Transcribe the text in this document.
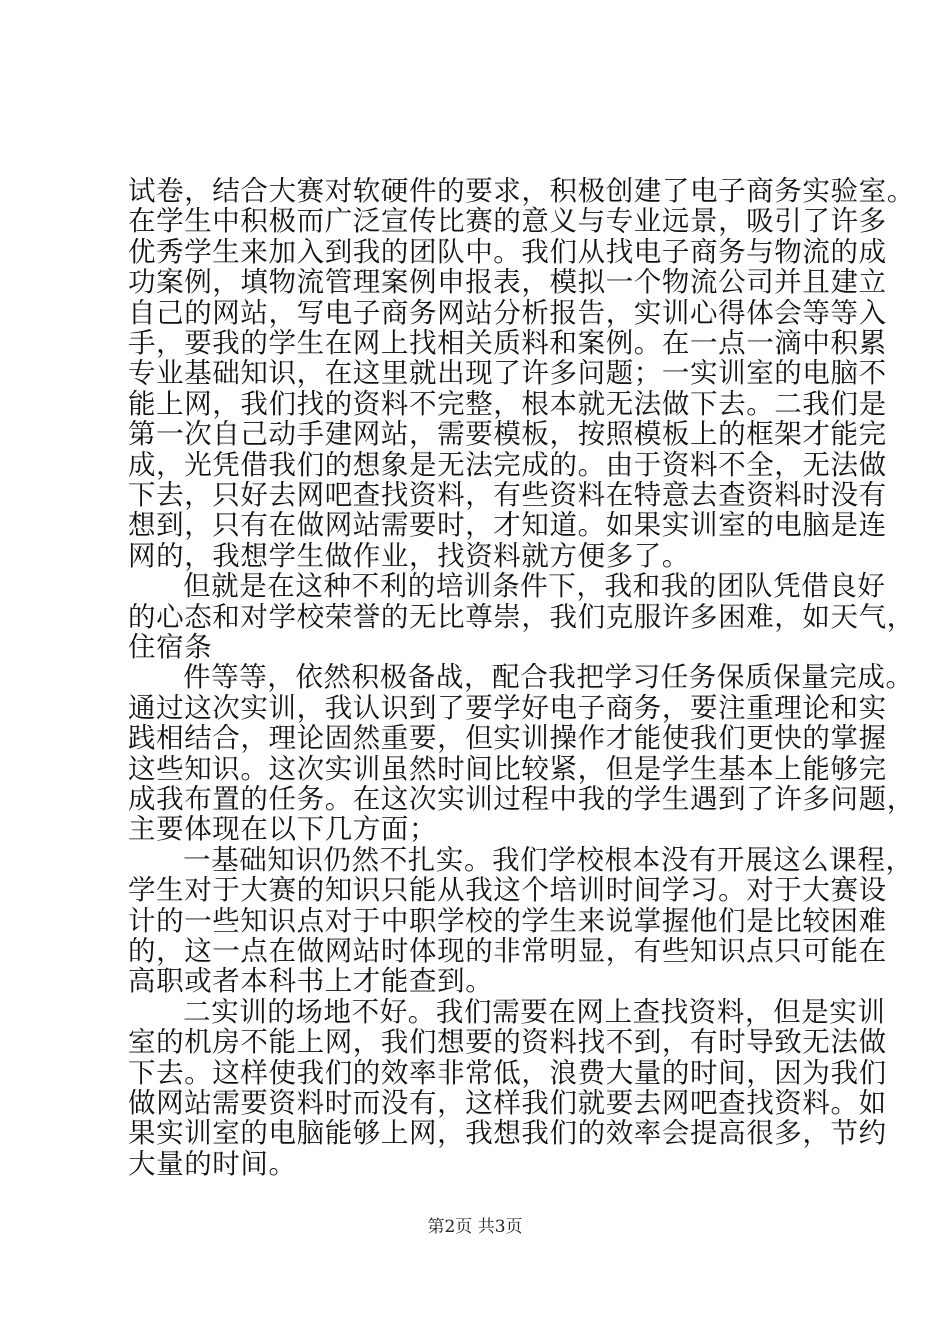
试卷，结合大赛对软硬件的要求，积极创建了电子商务实验室。
在学生中积极而广泛宣传比赛的意义与专业远景，吸引了许多
优秀学生来加入到我的团队中。我们从找电子商务与物流的成
功案例，填物流管理案例申报表，模拟一个物流公司并且建立
自己的网站，写电子商务网站分析报告，实训心得体会等等入
手，要我的学生在网上找相关质料和案例。在一点一滴中积累
专业基础知识，在这里就出现了许多问题；一实训室的电脑不
能上网，我们找的资料不完整，根本就无法做下去。二我们是
第一次自己动手建网站，需要模板，按照模板上的框架才能完
成，光凭借我们的想象是无法完成的。由于资料不全，无法做
下去，只好去网吧查找资料，有些资料在特意去查资料时没有
想到，只有在做网站需要时，才知道。如果实训室的电脑是连
网的，我想学生做作业，找资料就方便多了。
但就是在这种不利的培训条件下，我和我的团队凭借良好
的心态和对学校荣誉的无比尊崇，我们克服许多困难，如天气，
住宿条
件等等，依然积极备战，配合我把学习任务保质保量完成。
通过这次实训，我认识到了要学好电子商务，要注重理论和实
践相结合，理论固然重要，但实训操作才能使我们更快的掌握
这些知识。这次实训虽然时间比较紧，但是学生基本上能够完
成我布置的任务。在这次实训过程中我的学生遇到了许多问题，
主要体现在以下几方面；
一基础知识仍然不扎实。我们学校根本没有开展这么课程，
学生对于大赛的知识只能从我这个培训时间学习。对于大赛设
计的一些知识点对于中职学校的学生来说掌握他们是比较困难
的，这一点在做网站时体现的非常明显，有些知识点只可能在
高职或者本科书上才能查到。
二实训的场地不好。我们需要在网上查找资料，但是实训
室的机房不能上网，我们想要的资料找不到，有时导致无法做
下去。这样使我们的效率非常低，浪费大量的时间，因为我们
做网站需要资料时而没有，这样我们就要去网吧查找资料。如
果实训室的电脑能够上网，我想我们的效率会提高很多，节约
大量的时间。
第2页 共3页
